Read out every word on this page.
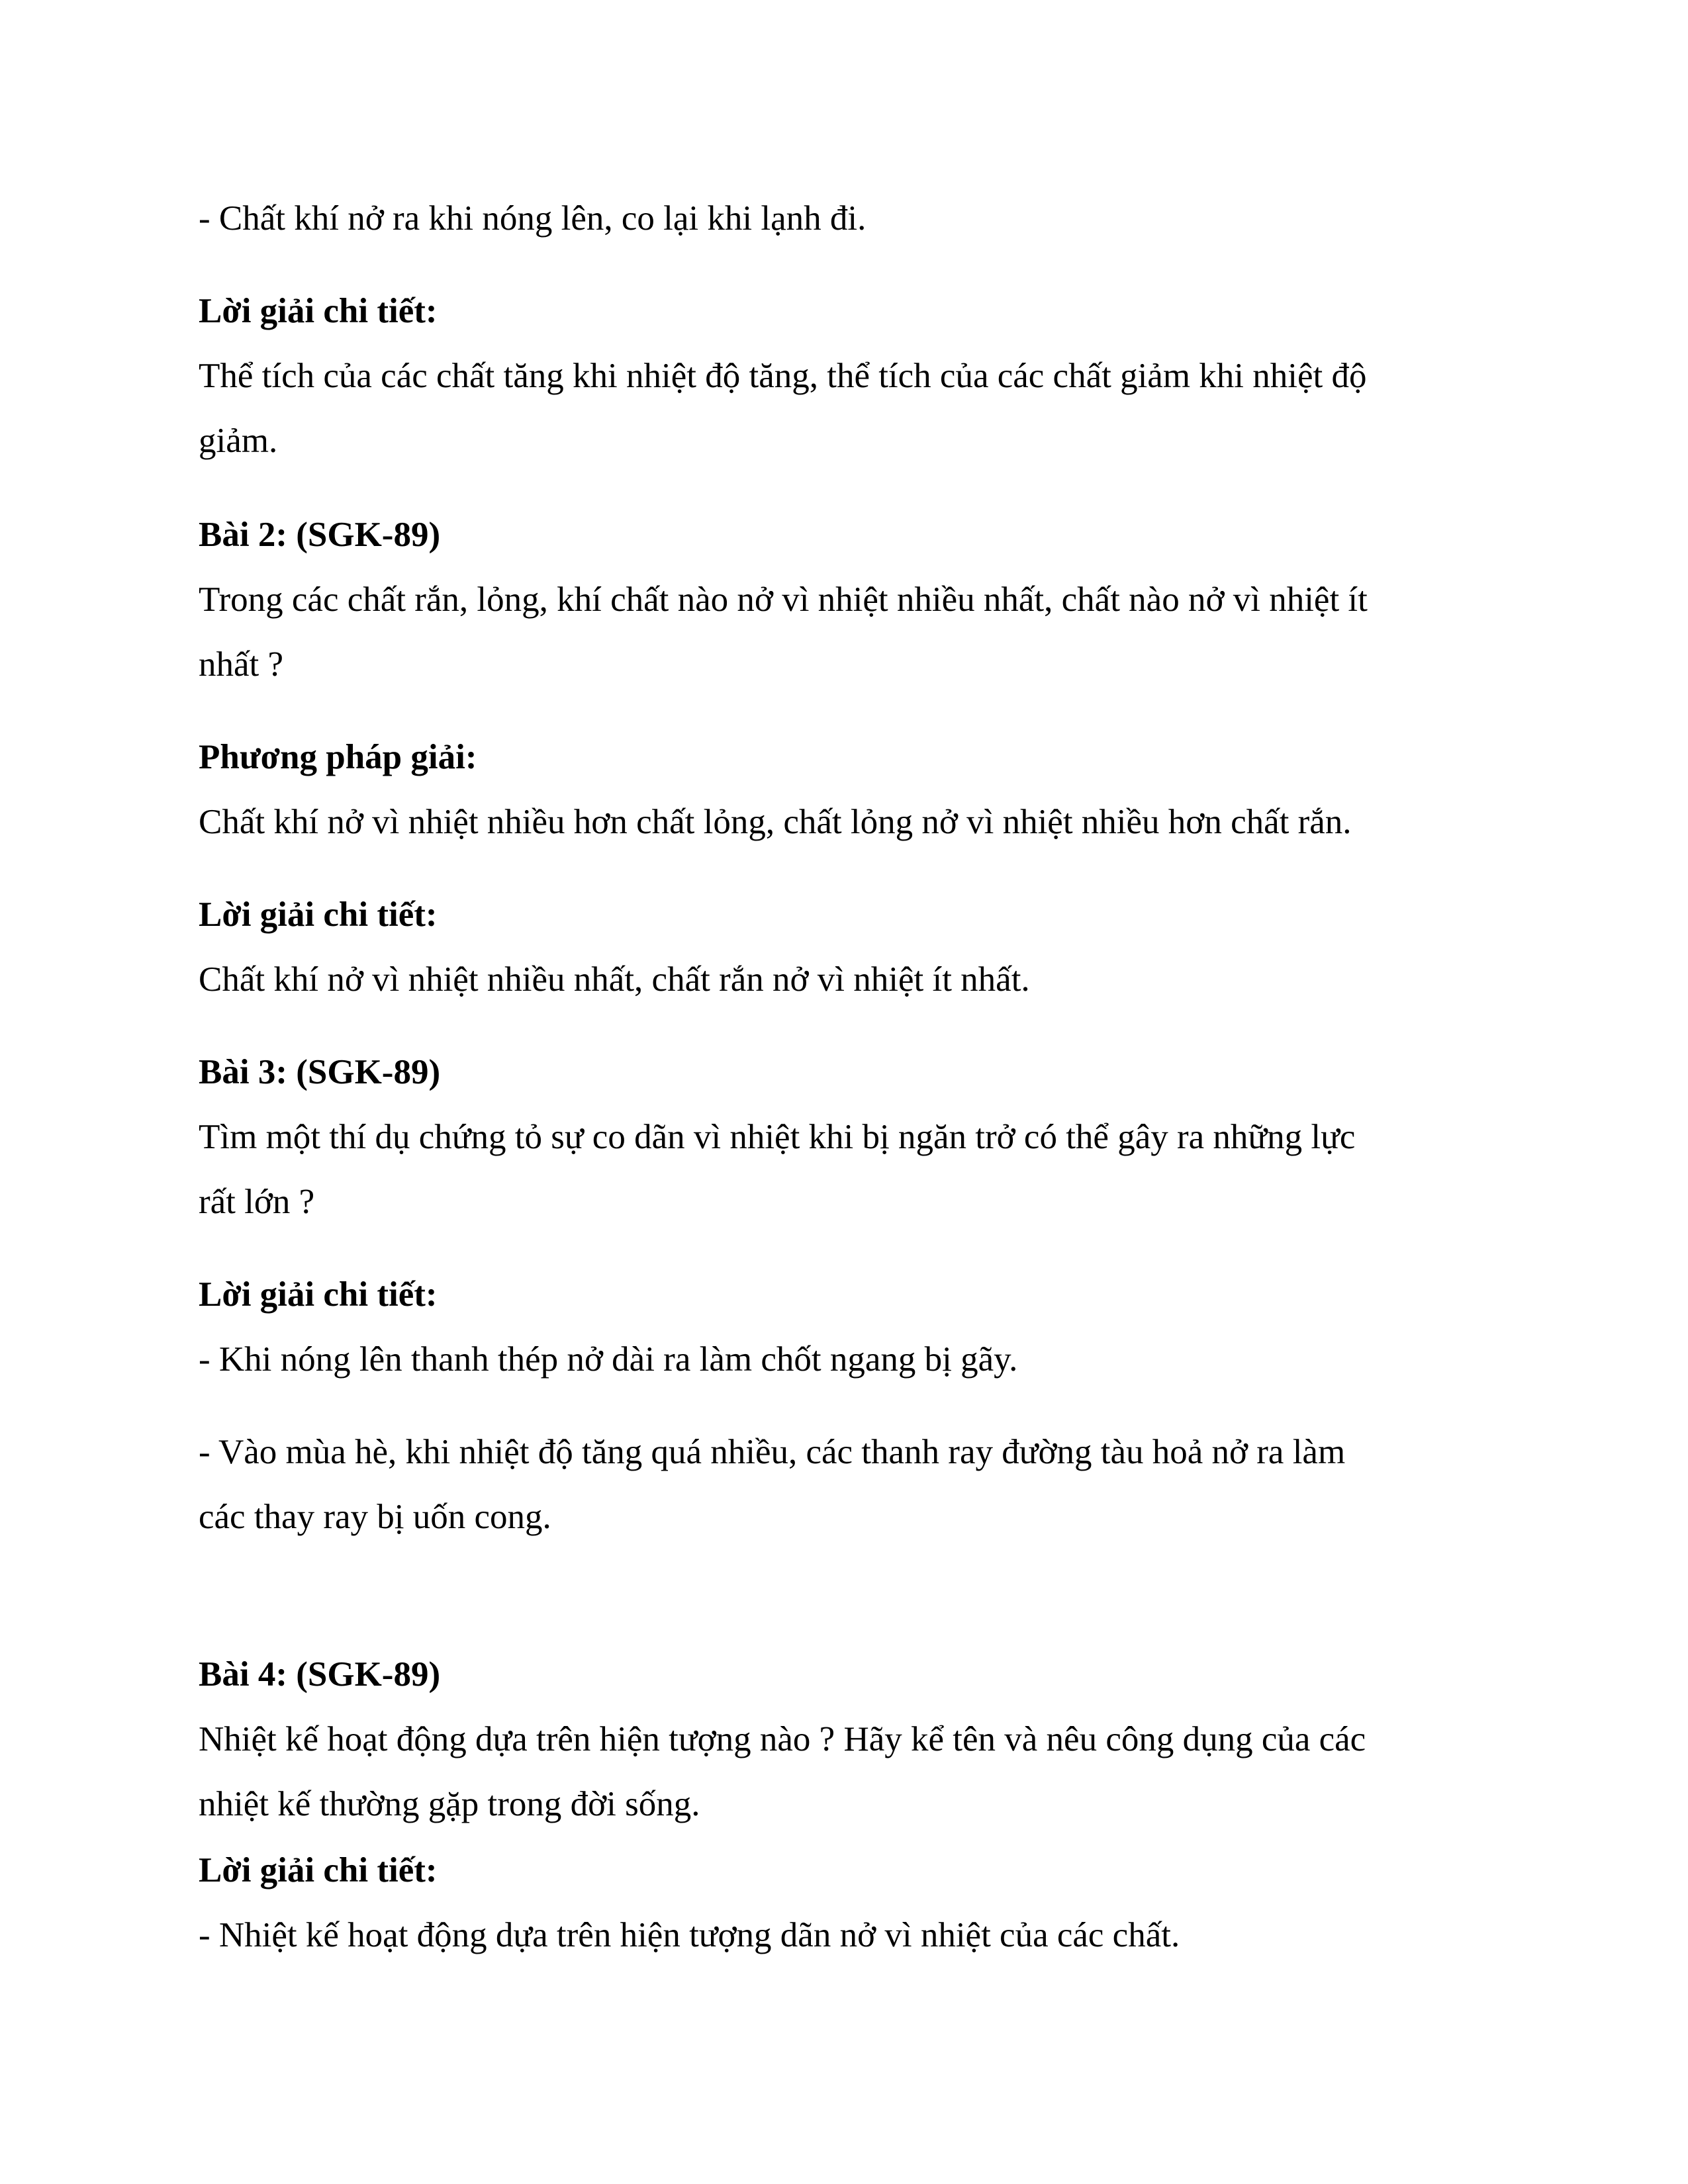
- Chất khí nở ra khi nóng lên, co lại khi lạnh đi.

Lời giải chi tiết:

Thể tích của các chất tăng khi nhiệt độ tăng, thể tích của các chất giảm khi nhiệt độ

giảm.

Bài 2: (SGK-89)

Trong các chất rắn, lỏng, khí chất nào nở vì nhiệt nhiều nhất, chất nào nở vì nhiệt ít

nhất ?

Phương pháp giải:

Chất khí nở vì nhiệt nhiều hơn chất lỏng, chất lỏng nở vì nhiệt nhiều hơn chất rắn.

Lời giải chi tiết:

Chất khí nở vì nhiệt nhiều nhất, chất rắn nở vì nhiệt ít nhất.

Bài 3: (SGK-89)

Tìm một thí dụ chứng tỏ sự co dãn vì nhiệt khi bị ngăn trở có thể gây ra những lực

rất lớn ?

Lời giải chi tiết:

- Khi nóng lên thanh thép nở dài ra làm chốt ngang bị gãy.

- Vào mùa hè, khi nhiệt độ tăng quá nhiều, các thanh ray đường tàu hoả nở ra làm

các thay ray bị uốn cong.

Bài 4: (SGK-89)

Nhiệt kế hoạt động dựa trên hiện tượng nào ? Hãy kể tên và nêu công dụng của các

nhiệt kế thường gặp trong đời sống.

Lời giải chi tiết:

- Nhiệt kế hoạt động dựa trên hiện tượng dãn nở vì nhiệt của các chất.
